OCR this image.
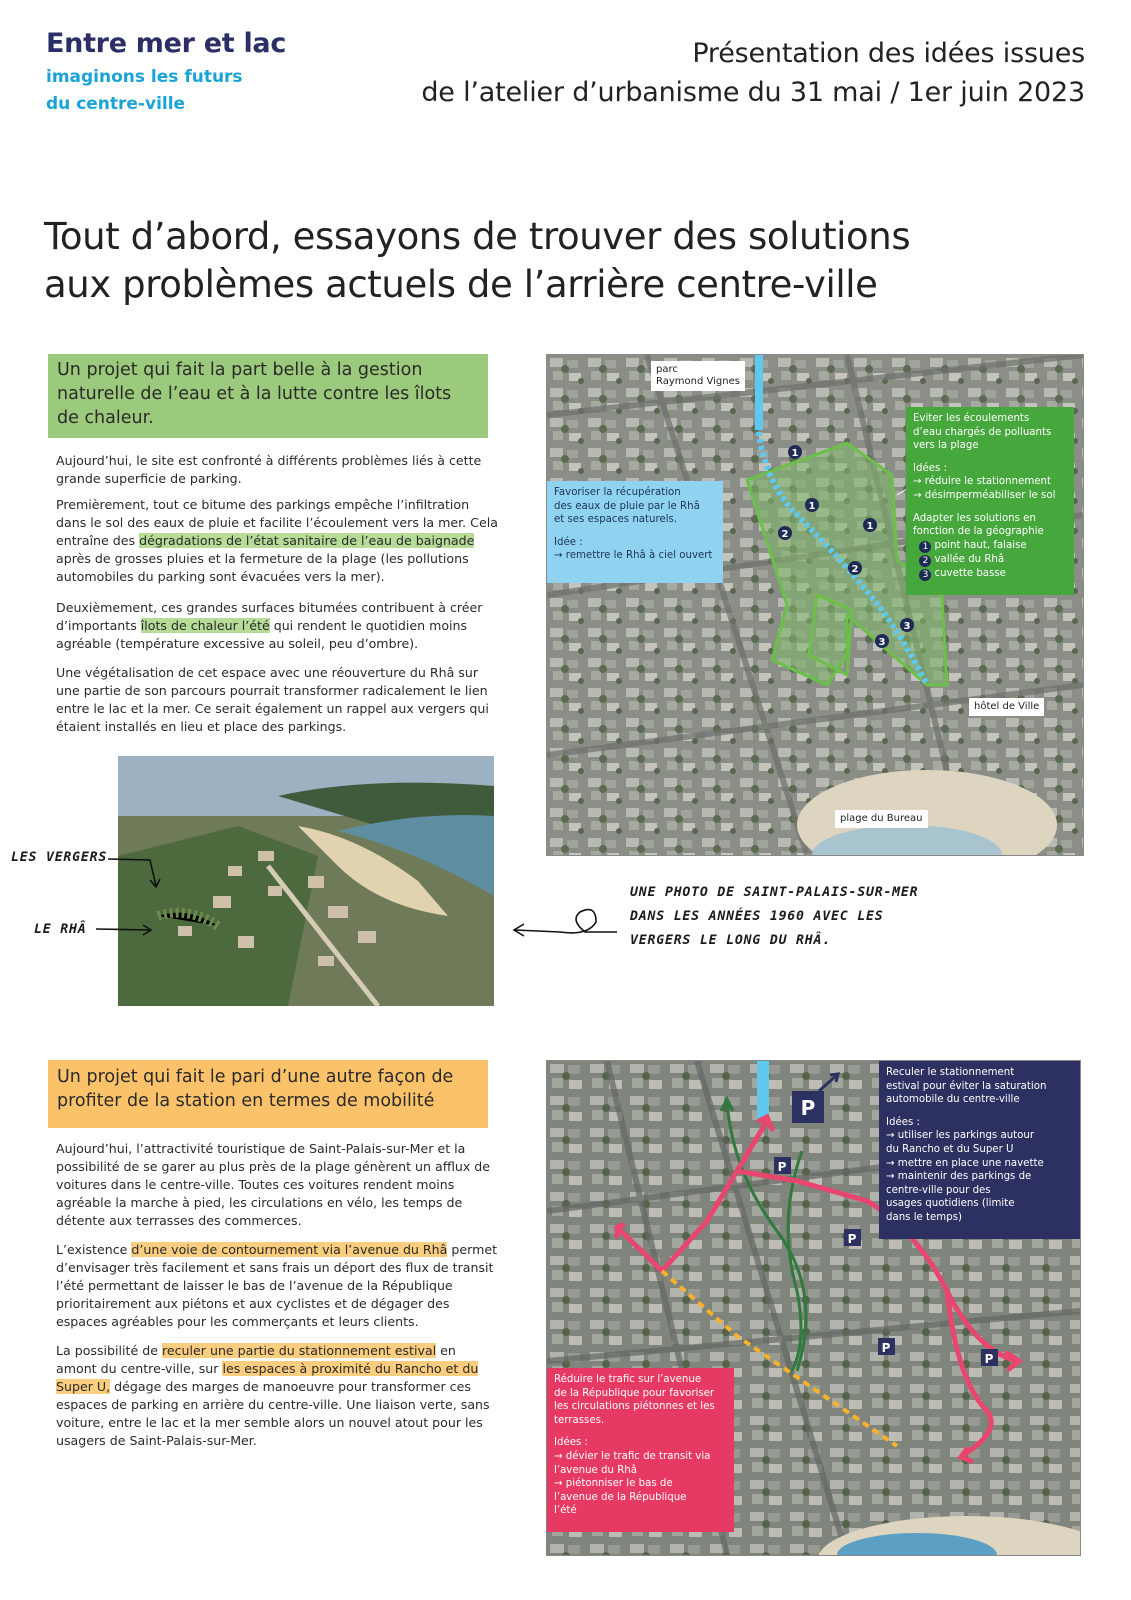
Entre mer et lac
imaginons les futurs
du centre-ville
Présentation des idées issues
de l’atelier d’urbanisme du 31 mai / 1er juin 2023
Tout d’abord, essayons de trouver des solutions
aux problèmes actuels de l’arrière centre-ville
Un projet qui fait la part belle à la gestion
naturelle de l’eau et à la lutte contre les îlots
de chaleur.

Aujourd’hui, le site est confronté à différents problèmes liés à cette

grande superficie de parking.

Premièrement, tout ce bitume des parkings empêche l’infiltration

dans le sol des eaux de pluie et facilite l’écoulement vers la mer. Cela

entraîne des dégradations de l’état sanitaire de l’eau de baignade

après de grosses pluies et la fermeture de la plage (les pollutions

automobiles du parking sont évacuées vers la mer).

Deuxièmement, ces grandes surfaces bitumées contribuent à créer

d’importants îlots de chaleur l’été qui rendent le quotidien moins

agréable (température excessive au soleil, peu d’ombre).

Une végétalisation de cet espace avec une réouverture du Rhâ sur

une partie de son parcours pourrait transformer radicalement le lien

entre le lac et la mer. Ce serait également un rappel aux vergers qui

étaient installés en lieu et place des parkings.

1
1
1
2
2
3
3
parc
Raymond Vignes
hôtel de Ville
plage du Bureau

Eviter les écoulements

d’eau chargés de polluants

vers la plage

Idées :

→ réduire le stationnement

→ désimperméabiliser le sol

Adapter les solutions en

fonction de la géographie

1 point haut, falaise

2 vallée du Rhâ

3 cuvette basse

Favoriser la récupération

des eaux de pluie par le Rhâ

et ses espaces naturels.

Idée :

→ remettre le Rhâ à ciel ouvert

LES VERGERS
LE RHÂ
UNE PHOTO DE SAINT-PALAIS-SUR-MER
DANS LES ANNÉES 1960 AVEC LES
VERGERS LE LONG DU RHÂ.
Un projet qui fait le pari d’une autre façon de
profiter de la station en termes de mobilité

Aujourd’hui, l’attractivité touristique de Saint-Palais-sur-Mer et la

possibilité de se garer au plus près de la plage génèrent un afflux de

voitures dans le centre-ville. Toutes ces voitures rendent moins

agréable la marche à pied, les circulations en vélo, les temps de

détente aux terrasses des commerces.

L’existence d’une voie de contournement via l’avenue du Rhâ permet

d’envisager très facilement et sans frais un déport des flux de transit

l’été permettant de laisser le bas de l’avenue de la République

prioritairement aux piétons et aux cyclistes et de dégager des

espaces agréables pour les commerçants et leurs clients.

La possibilité de reculer une partie du stationnement estival en

amont du centre-ville, sur les espaces à proximité du Rancho et du

Super U, dégage des marges de manoeuvre pour transformer ces

espaces de parking en arrière du centre-ville. Une liaison verte, sans

voiture, entre le lac et la mer semble alors un nouvel atout pour les

usagers de Saint-Palais-sur-Mer.

P
P
P
P
P

Reculer le stationnement

estival pour éviter la saturation

automobile du centre-ville

Idées :

→ utiliser les parkings autour

du Rancho et du Super U

→ mettre en place une navette

→ maintenir des parkings de

centre-ville pour des

usages quotidiens (limite

dans le temps)

Réduire le trafic sur l’avenue

de la République pour favoriser

les circulations piétonnes et les

terrasses.

Idées :

→ dévier le trafic de transit via

l’avenue du Rhâ

→ piétonniser le bas de

l’avenue de la République

l’été
